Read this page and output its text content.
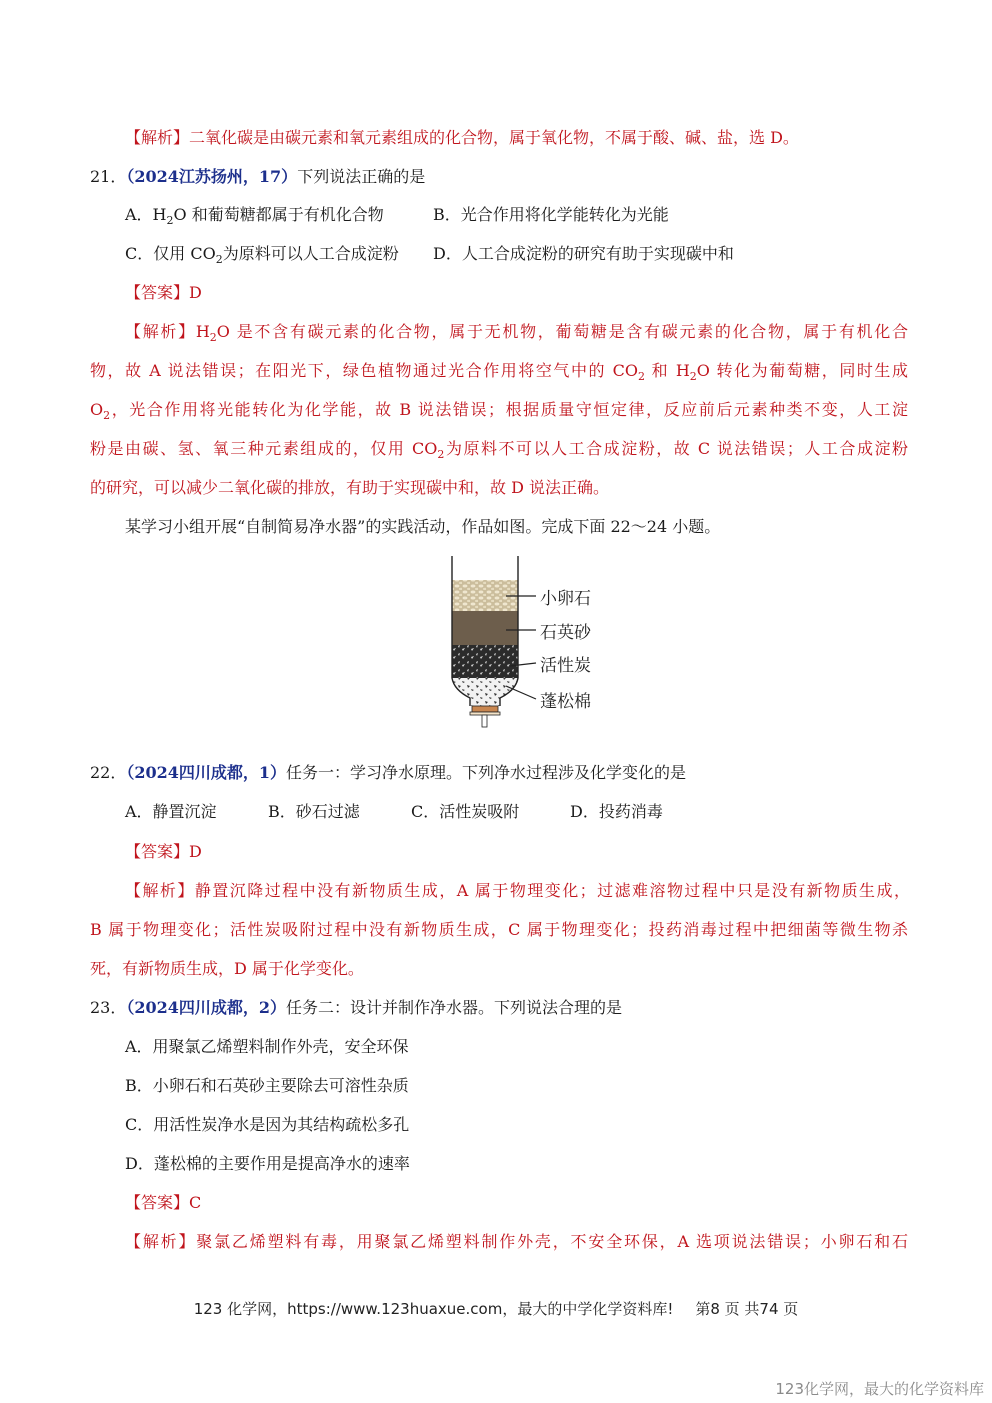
【解析】二氧化碳是由碳元素和氧元素组成的化合物，属于氧化物，不属于酸、碱、盐，选 D。
21．（2024江苏扬州，17）下列说法正确的是
A．$H_2O$ 和葡萄糖都属于有机化合物	B．光合作用将化学能转化为光能
C．仅用 $CO_2$为原料可以人工合成淀粉 D．人工合成淀粉的研究有助于实现碳中和
【答案】D
【解析】$H_2O$ 是不含有碳元素的化合物，属于无机物，葡萄糖是含有碳元素的化合物，属于有机化合
物，故 A 说法错误；在阳光下，绿色植物通过光合作用将空气中的 $CO_2$ 和 $H_2O$ 转化为葡萄糖，同时生成
$O_2$，光合作用将光能转化为化学能，故 B 说法错误；根据质量守恒定律，反应前后元素种类不变，人工淀
粉是由碳、氢、氧三种元素组成的，仅用 $CO_2$为原料不可以人工合成淀粉，故 C 说法错误；人工合成淀粉
的研究，可以减少二氧化碳的排放，有助于实现碳中和，故 D 说法正确。
某学习小组开展“自制简易净水器”的实践活动，作品如图。完成下面 22～24 小题。
22．（2024四川成都，1）任务一：学习净水原理。下列净水过程涉及化学变化的是
A．静置沉淀	B．砂石过滤	C．活性炭吸附	D．投药消毒
【答案】D
【解析】静置沉降过程中没有新物质生成，A 属于物理变化；过滤难溶物过程中只是没有新物质生成，
B 属于物理变化；活性炭吸附过程中没有新物质生成，C 属于物理变化；投药消毒过程中把细菌等微生物杀
死，有新物质生成，D 属于化学变化。
23．（2024四川成都，2）任务二：设计并制作净水器。下列说法合理的是
A．用聚氯乙烯塑料制作外壳，安全环保
B．小卵石和石英砂主要除去可溶性杂质
C．用活性炭净水是因为其结构疏松多孔
D．蓬松棉的主要作用是提高净水的速率
【答案】C
【解析】聚氯乙烯塑料有毒，用聚氯乙烯塑料制作外壳，不安全环保，A 选项说法错误；小卵石和石
小卵石
石英砂
活性炭
蓬松棉
123 化学网，https://www.123huaxue.com，最大的中学化学资料库! 第8 页 共74 页
123化学网，最大的化学资料库
